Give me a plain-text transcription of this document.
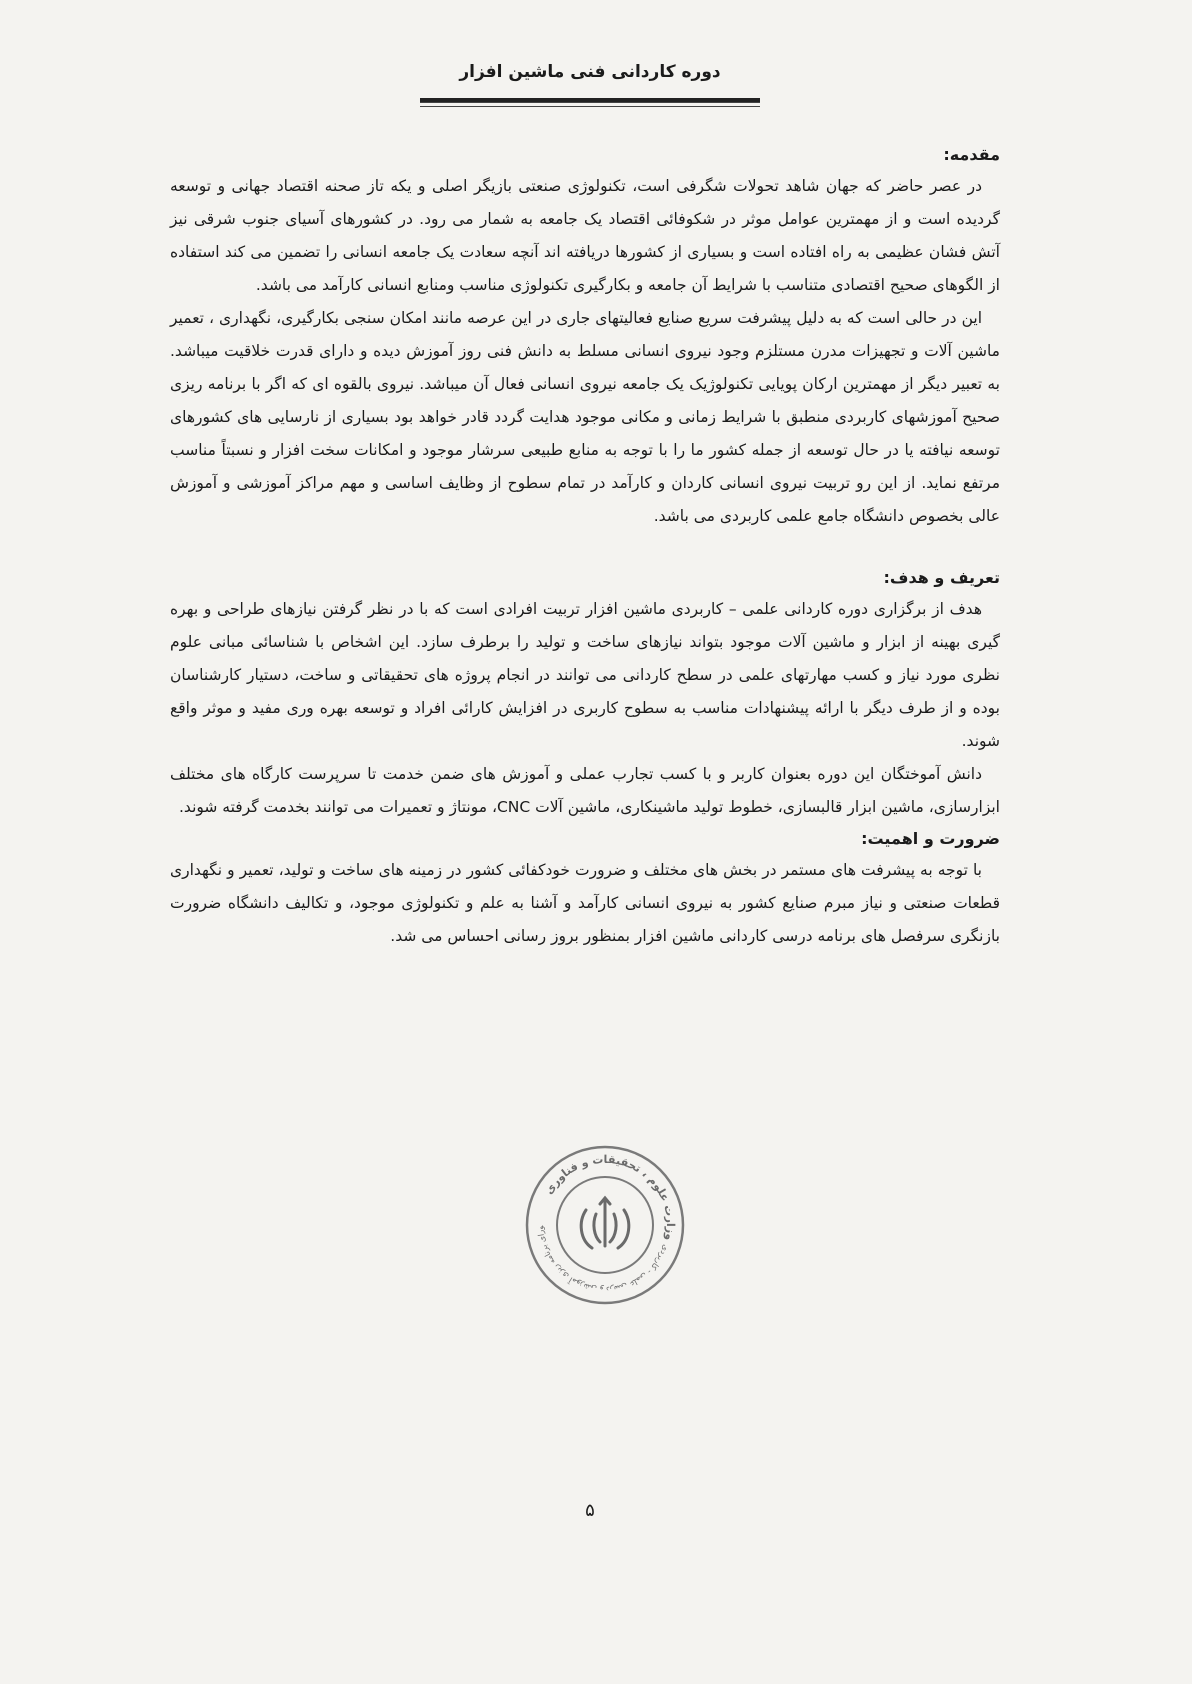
دوره کاردانی فنی ماشین افزار

مقدمه:

در عصر حاضر که جهان شاهد تحولات شگرفی است، تکنولوژی صنعتی بازیگر اصلی و یکه تاز صحنه اقتصاد جهانی و توسعه گردیده است و از مهمترین عوامل موثر در شکوفائی اقتصاد یک جامعه به شمار می رود. در کشورهای آسیای جنوب شرقی نیز آتش فشان عظیمی به راه افتاده است و بسیاری از کشورها دریافته اند آنچه سعادت یک جامعه انسانی را تضمین می کند استفاده از الگوهای صحیح اقتصادی متناسب با شرایط آن جامعه و بکارگیری تکنولوژی مناسب ومنابع انسانی کارآمد می باشد.

این در حالی است که به دلیل پیشرفت سریع صنایع فعالیتهای جاری در این عرصه مانند امکان سنجی بکارگیری، نگهداری ، تعمیر ماشین آلات و تجهیزات مدرن مستلزم وجود نیروی انسانی مسلط به دانش فنی روز آموزش دیده و دارای قدرت خلاقیت میباشد. به تعبیر دیگر از مهمترین ارکان پویایی تکنولوژیک یک جامعه نیروی انسانی فعال آن میباشد. نیروی بالقوه ای که اگر با برنامه ریزی صحیح آموزشهای کاربردی منطبق با شرایط زمانی و مکانی موجود هدایت گردد قادر خواهد بود بسیاری از نارسایی های کشورهای توسعه نیافته یا در حال توسعه از جمله کشور ما را با توجه به منابع طبیعی سرشار موجود و امکانات سخت افزار و نسبتاً مناسب مرتفع نماید. از این رو تربیت نیروی انسانی کاردان و کارآمد در تمام سطوح از وظایف اساسی و مهم مراکز آموزشی و آموزش عالی بخصوص دانشگاه جامع علمی کاربردی می باشد.

تعریف و هدف:

هدف از برگزاری دوره کاردانی علمی – کاربردی ماشین افزار تربیت افرادی است که با در نظر گرفتن نیازهای طراحی و بهره گیری بهینه از ابزار و ماشین آلات موجود بتواند نیازهای ساخت و تولید را برطرف سازد. این اشخاص با شناسائی مبانی علوم نظری مورد نیاز و کسب مهارتهای علمی در سطح کاردانی می توانند در انجام پروژه های تحقیقاتی و ساخت، دستیار کارشناسان بوده و از طرف دیگر با ارائه پیشنهادات مناسب به سطوح کاربری در افزایش کارائی افراد و توسعه بهره وری مفید و موثر واقع شوند.

دانش آموختگان این دوره بعنوان کاربر و با کسب تجارب عملی و آموزش های ضمن خدمت تا سرپرست کارگاه های مختلف ابزارسازی، ماشین ابزار قالبسازی، خطوط تولید ماشینکاری، ماشین آلات CNC، مونتاژ و تعمیرات می توانند بخدمت گرفته شوند.

ضرورت و اهمیت:

با توجه به پیشرفت های مستمر در بخش های مختلف و ضرورت خودکفائی کشور در زمینه های ساخت و تولید، تعمیر و نگهداری قطعات صنعتی و نیاز مبرم صنایع کشور به نیروی انسانی کارآمد و آشنا به علم و تکنولوژی موجود، و تکالیف دانشگاه ضرورت بازنگری سرفصل های برنامه درسی کاردانی ماشین افزار بمنظور بروز رسانی احساس می شد.

وزارت علوم ، تحقیقات و فناوری
ورای برنامه ریزی آموزشی و درسی علمی - کاربردی
۵
